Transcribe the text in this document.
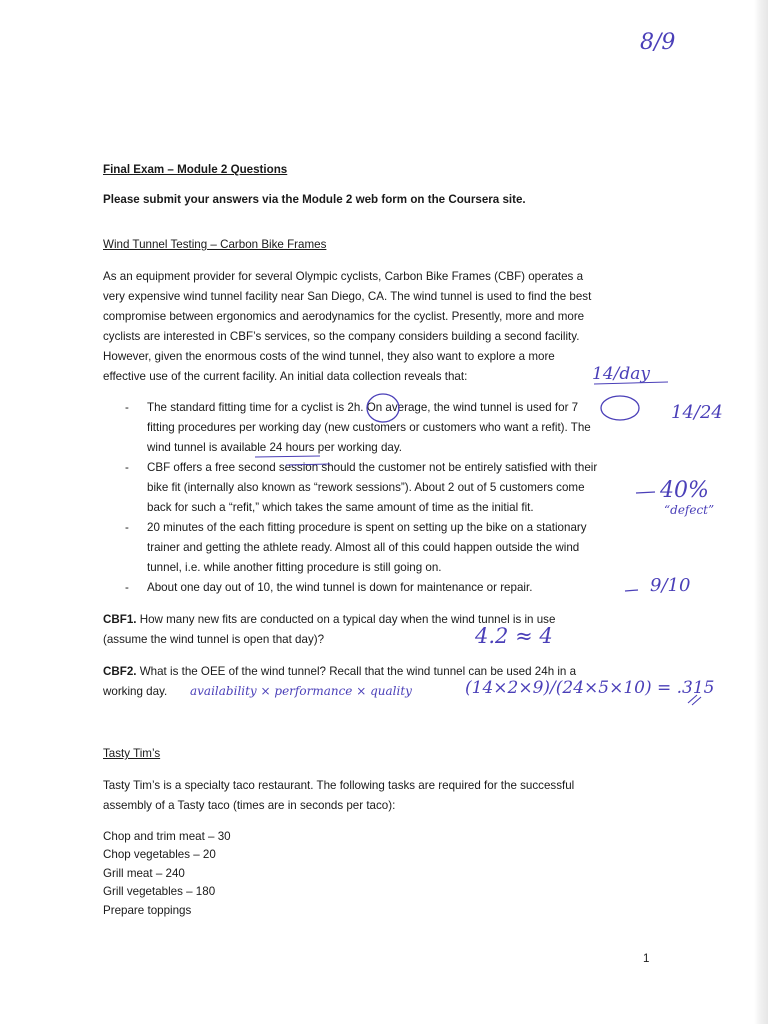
Final Exam – Module 2 Questions
Please submit your answers via the Module 2 web form on the Coursera site.
Wind Tunnel Testing – Carbon Bike Frames
As an equipment provider for several Olympic cyclists, Carbon Bike Frames (CBF) operates a
very expensive wind tunnel facility near San Diego, CA. The wind tunnel is used to find the best
compromise between ergonomics and aerodynamics for the cyclist. Presently, more and more
cyclists are interested in CBF’s services, so the company considers building a second facility.
However, given the enormous costs of the wind tunnel, they also want to explore a more
effective use of the current facility. An initial data collection reveals that:
- The standard fitting time for a cyclist is 2h. On average, the wind tunnel is used for 7
fitting procedures per working day (new customers or customers who want a refit). The
wind tunnel is available 24 hours per working day.
- CBF offers a free second session should the customer not be entirely satisfied with their
bike fit (internally also known as “rework sessions”). About 2 out of 5 customers come
back for such a “refit,” which takes the same amount of time as the initial fit.
- 20 minutes of the each fitting procedure is spent on setting up the bike on a stationary
trainer and getting the athlete ready. Almost all of this could happen outside the wind
tunnel, i.e. while another fitting procedure is still going on.
- About one day out of 10, the wind tunnel is down for maintenance or repair.
CBF1. How many new fits are conducted on a typical day when the wind tunnel is in use
(assume the wind tunnel is open that day)?
CBF2. What is the OEE of the wind tunnel? Recall that the wind tunnel can be used 24h in a
working day.
Tasty Tim’s
Tasty Tim’s is a specialty taco restaurant. The following tasks are required for the successful
assembly of a Tasty taco (times are in seconds per taco):
Chop and trim meat – 30
Chop vegetables – 20
Grill meat – 240
Grill vegetables – 180
Prepare toppings
1
8/9
14/day
14/24
40%
“defect”
9/10
4.2 ≈ 4
availability × performance × quality	(14×2×9)/(24×5×10) = .315
